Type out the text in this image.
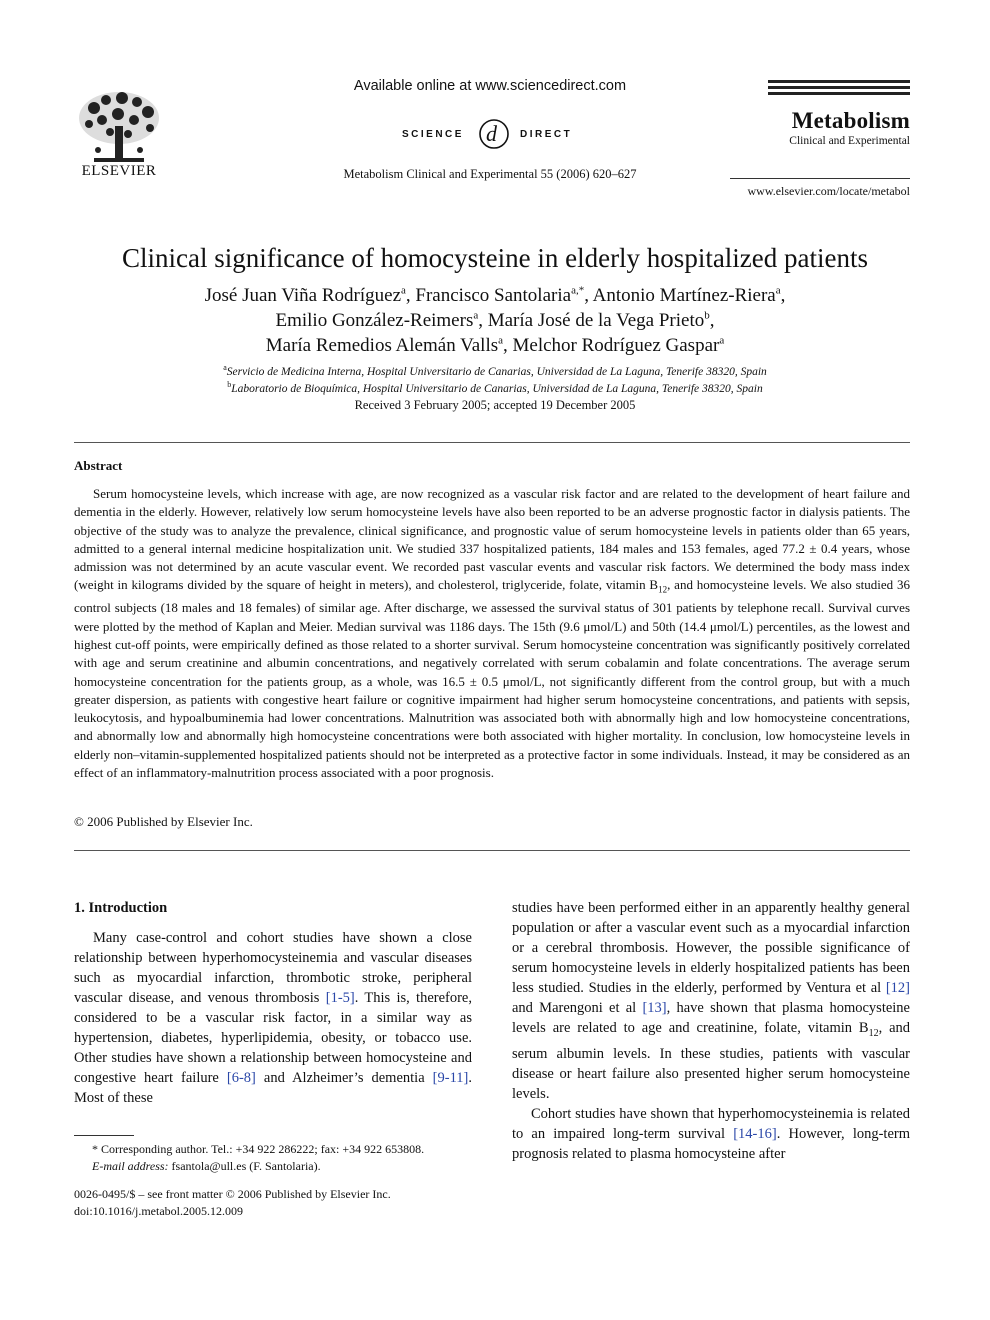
ELSEVIER
Available online at www.sciencedirect.com
SCIENCE d DIRECT
Metabolism Clinical and Experimental 55 (2006) 620–627
Metabolism
Clinical and Experimental
www.elsevier.com/locate/metabol
Clinical significance of homocysteine in elderly hospitalized patients
José Juan Viña Rodríguez$^a$, Francisco Santolaria$^{a,*}$, Antonio Martínez-Riera$^a$,
Emilio González-Reimers$^a$, María José de la Vega Prieto$^b$,
María Remedios Alemán Valls$^a$, Melchor Rodríguez Gaspar$^a$
$^a$Servicio de Medicina Interna, Hospital Universitario de Canarias, Universidad de La Laguna, Tenerife 38320, Spain
$^b$Laboratorio de Bioquímica, Hospital Universitario de Canarias, Universidad de La Laguna, Tenerife 38320, Spain
Received 3 February 2005; accepted 19 December 2005
Abstract

Serum homocysteine levels, which increase with age, are now recognized as a vascular risk factor and are related to the development of heart failure and dementia in the elderly. However, relatively low serum homocysteine levels have also been reported to be an adverse prognostic factor in dialysis patients. The objective of the study was to analyze the prevalence, clinical significance, and prognostic value of serum homocysteine levels in patients older than 65 years, admitted to a general internal medicine hospitalization unit. We studied 337 hospitalized patients, 184 males and 153 females, aged 77.2 ± 0.4 years, whose admission was not determined by an acute vascular event. We recorded past vascular events and vascular risk factors. We determined the body mass index (weight in kilograms divided by the square of height in meters), and cholesterol, triglyceride, folate, vitamin $B_{12}$, and homocysteine levels. We also studied 36 control subjects (18 males and 18 females) of similar age. After discharge, we assessed the survival status of 301 patients by telephone recall. Survival curves were plotted by the method of Kaplan and Meier. Median survival was 1186 days. The 15th (9.6 μmol/L) and 50th (14.4 μmol/L) percentiles, as the lowest and highest cut-off points, were empirically defined as those related to a shorter survival. Serum homocysteine concentration was significantly positively correlated with age and serum creatinine and albumin concentrations, and negatively correlated with serum cobalamin and folate concentrations. The average serum homocysteine concentration for the patients group, as a whole, was 16.5 ± 0.5 μmol/L, not significantly different from the control group, but with a much greater dispersion, as patients with congestive heart failure or cognitive impairment had higher serum homocysteine concentrations, and patients with sepsis, leukocytosis, and hypoalbuminemia had lower concentrations. Malnutrition was associated both with abnormally high and low homocysteine concentrations, and abnormally low and abnormally high homocysteine concentrations were both associated with higher mortality. In conclusion, low homocysteine levels in elderly non–vitamin-supplemented hospitalized patients should not be interpreted as a protective factor in some individuals. Instead, it may be considered as an effect of an inflammatory-malnutrition process associated with a poor prognosis.

© 2006 Published by Elsevier Inc.
1. Introduction

Many case-control and cohort studies have shown a close relationship between hyperhomocysteinemia and vascular diseases such as myocardial infarction, thrombotic stroke, peripheral vascular disease, and venous thrombosis [1-5]. This is, therefore, considered to be a vascular risk factor, in a similar way as hypertension, diabetes, hyperlipidemia, obesity, or tobacco use. Other studies have shown a relationship between homocysteine and congestive heart failure [6-8] and Alzheimer’s dementia [9-11]. Most of these

* Corresponding author. Tel.: +34 922 286222; fax: +34 922 653808.
E-mail address: fsantola@ull.es (F. Santolaria).
0026-0495/$ – see front matter © 2006 Published by Elsevier Inc.
doi:10.1016/j.metabol.2005.12.009

studies have been performed either in an apparently healthy general population or after a vascular event such as a myocardial infarction or a cerebral thrombosis. However, the possible significance of serum homocysteine levels in elderly hospitalized patients has been less studied. Studies in the elderly, performed by Ventura et al [12] and Marengoni et al [13], have shown that plasma homocysteine levels are related to age and creatinine, folate, vitamin $B_{12}$, and serum albumin levels. In these studies, patients with vascular disease or heart failure also presented higher serum homocysteine levels.

Cohort studies have shown that hyperhomocysteinemia is related to an impaired long-term survival [14-16]. However, long-term prognosis related to plasma homocysteine after
